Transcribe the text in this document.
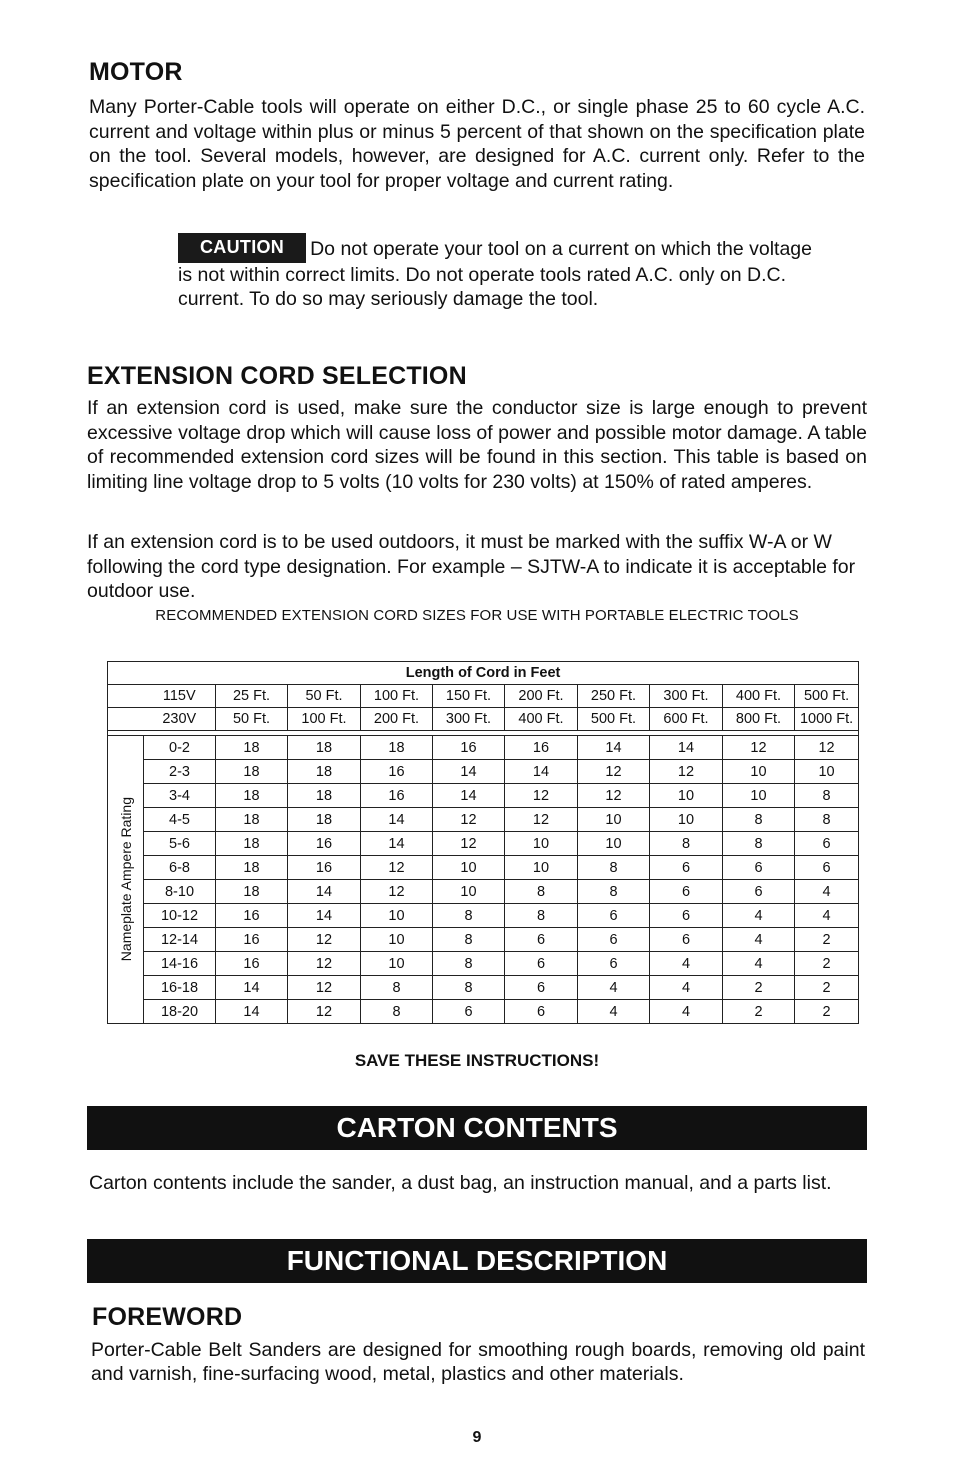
MOTOR

Many Porter-Cable tools will operate on either D.C., or single phase 25 to 60 cycle A.C. current and voltage within plus or minus 5 percent of that shown on the specification plate on the tool. Several models, however, are designed for A.C. current only. Refer to the specification plate on your tool for proper voltage and current rating.

CAUTION Do not operate your tool on a current on which the voltage is not within correct limits. Do not operate tools rated A.C. only on D.C. current. To do so may seriously damage the tool.

EXTENSION CORD SELECTION

If an extension cord is used, make sure the conductor size is large enough to prevent excessive voltage drop which will cause loss of power and possible motor damage. A table of recommended extension cord sizes will be found in this section. This table is based on limiting line voltage drop to 5 volts (10 volts for 230 volts) at 150% of rated amperes.

If an extension cord is to be used outdoors, it must be marked with the suffix W-A or W following the cord type designation. For example – SJTW-A to indicate it is acceptable for outdoor use.

RECOMMENDED EXTENSION CORD SIZES FOR USE WITH PORTABLE ELECTRIC TOOLS
Length of Cord in Feet										
	115V	25 Ft.	50 Ft.	100 Ft.	150 Ft.	200 Ft.	250 Ft.	300 Ft.	400 Ft.	500 Ft.
	230V	50 Ft.	100 Ft.	200 Ft.	300 Ft.	400 Ft.	500 Ft.	600 Ft.	800 Ft.	1000 Ft.

Nameplate Ampere Rating	0-2	18	18	18	16	16	14	14	12	12
	2-3	18	18	16	14	14	12	12	10	10
	3-4	18	18	16	14	12	12	10	10	8
	4-5	18	18	14	12	12	10	10	8	8
	5-6	18	16	14	12	10	10	8	8	6
	6-8	18	16	12	10	10	8	6	6	6
	8-10	18	14	12	10	8	8	6	6	4
	10-12	16	14	10	8	8	6	6	4	4
	12-14	16	12	10	8	6	6	6	4	2
	14-16	16	12	10	8	6	6	4	4	2
	16-18	14	12	8	8	6	4	4	2	2
	18-20	14	12	8	6	6	4	4	2	2
SAVE THESE INSTRUCTIONS!
CARTON CONTENTS

Carton contents include the sander, a dust bag, an instruction manual, and a parts list.

FUNCTIONAL DESCRIPTION
FOREWORD

Porter-Cable Belt Sanders are designed for smoothing rough boards, removing old paint and varnish, fine-surfacing wood, metal, plastics and other materials.

9
